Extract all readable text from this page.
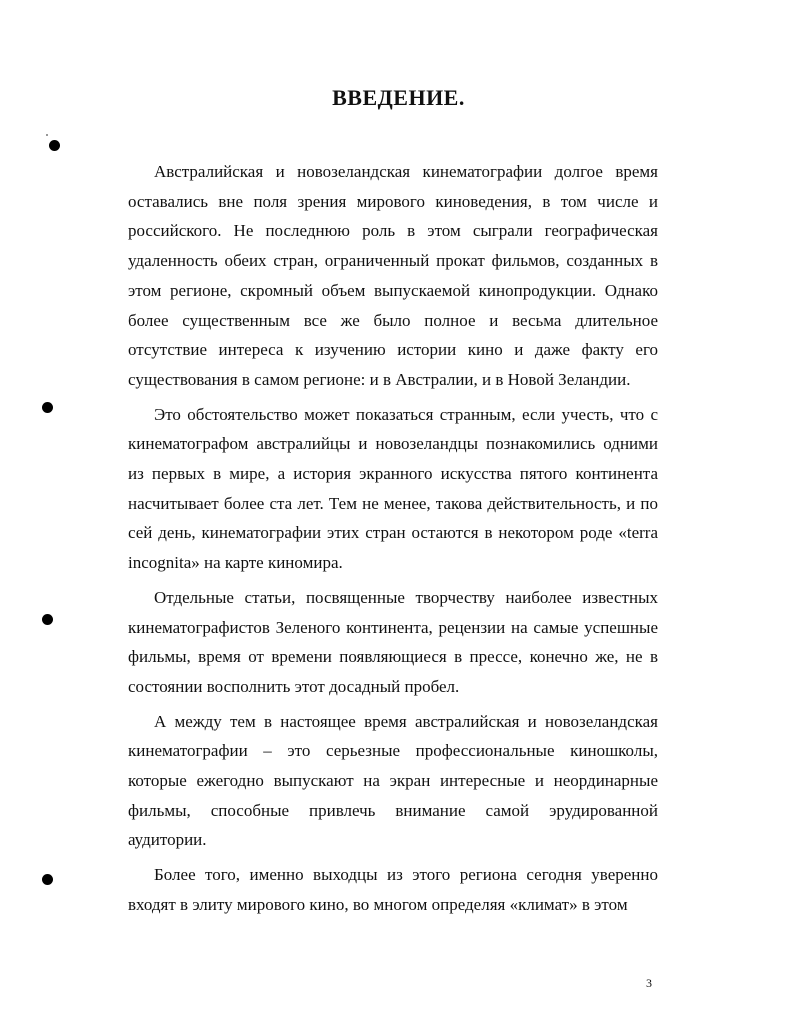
ВВЕДЕНИЕ.

Австралийская и новозеландская кинематографии долгое время оставались вне поля зрения мирового киноведения, в том числе и российского. Не последнюю роль в этом сыграли географическая удаленность обеих стран, ограниченный прокат фильмов, созданных в этом регионе, скромный объем выпускаемой кинопродукции. Однако более существенным все же было полное и весьма длительное отсутствие интереса к изучению истории кино и даже факту его существования в самом регионе: и в Австралии, и в Новой Зеландии.

Это обстоятельство может показаться странным, если учесть, что с кинематографом австралийцы и новозеландцы познакомились одними из первых в мире, а история экранного искусства пятого континента насчитывает более ста лет. Тем не менее, такова действительность, и по сей день, кинематографии этих стран остаются в некотором роде «terra incognita» на карте киномира.

Отдельные статьи, посвященные творчеству наиболее известных кинематографистов Зеленого континента, рецензии на самые успешные фильмы, время от времени появляющиеся в прессе, конечно же, не в состоянии восполнить этот досадный пробел.

А между тем в настоящее время австралийская и новозеландская кинематографии – это серьезные профессиональные киношколы, которые ежегодно выпускают на экран интересные и неординарные фильмы, способные привлечь внимание самой эрудированной аудитории.

Более того, именно выходцы из этого региона сегодня уверенно входят в элиту мирового кино, во многом определяя «климат» в этом

3
